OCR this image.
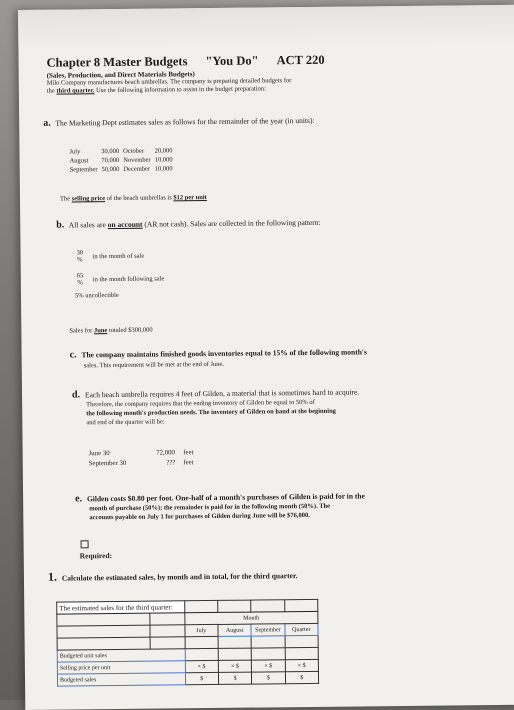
Chapter 8 Master Budgets "You Do" ACT 220
(Sales, Production, and Direct Materials Budgets)
Milo Company manufactures beach umbrellas. The company is preparing detailed budgets for
the third quarter. Use the following information to assist in the budget preparation:
a. The Marketing Dept estimates sales as follows for the remainder of the year (in units):
July	30,000	October	20,000
August	70,000	November	10,000
September	50,000	December	10,000
The selling price of the beach umbrellas is $12 per unit
b. All sales are on account (AR not cash). Sales are collected in the following pattern:
30
% in the month of sale
65
% in the month following sale
5% uncollectible
Sales for June totaled $300,000
c. The company maintains finished goods inventories equal to 15% of the following month's
sales. This requirement will be met at the end of June.
d. Each beach umbrella requires 4 feet of Gilden, a material that is sometimes hard to acquire.
Therefore, the company requires that the ending inventory of Gilden be equal to 50% of
the following month's production needs. The inventory of Gilden on hand at the beginning
and end of the quarter will be:
June 30	72,000	feet
September 30	???	feet
e. Gilden costs $0.80 per foot. One-half of a month's purchases of Gilden is paid for in the
month of purchase (50%); the remainder is paid for in the following month (50%). The
accounts payable on July 1 for purchases of Gilden during June will be $76,000.
Required:
1. Calculate the estimated sales, by month and in total, for the third quarter.
The estimated sales for the third quarter:					
		Month			
		July	August	September	Quarter

Budgeted unit sales					
Selling price per unit		× $	× $	× $	× $
Budgeted sales		$	$	$	$
